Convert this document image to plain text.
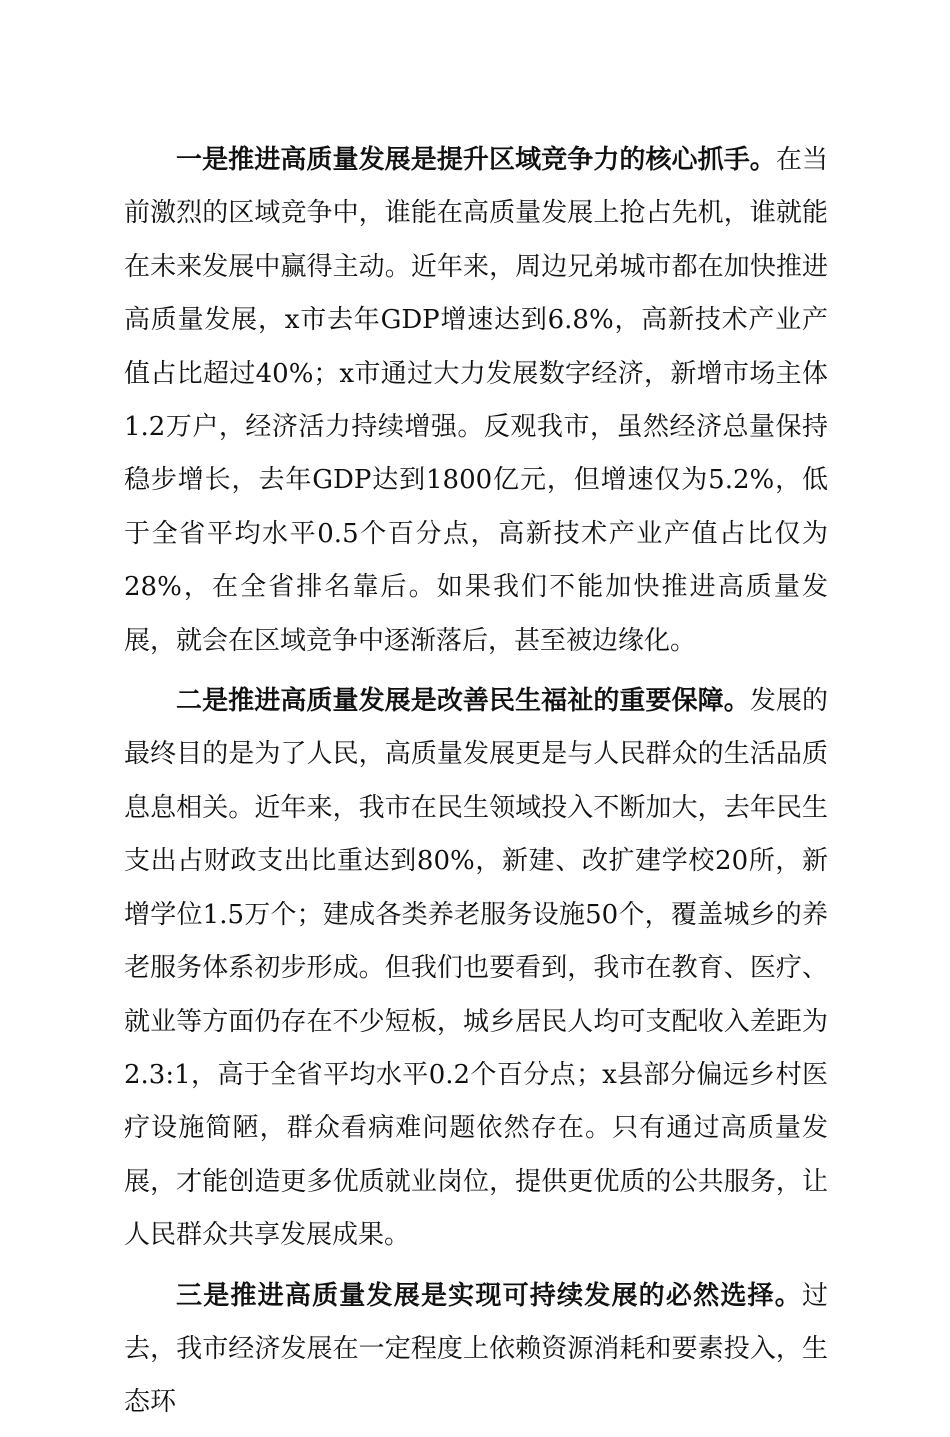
一是推进高质量发展是提升区域竞争力的核心抓手。在当前激烈的区域竞争中，谁能在高质量发展上抢占先机，谁就能在未来发展中赢得主动。近年来，周边兄弟城市都在加快推进高质量发展，x市去年GDP增速达到6.8%，高新技术产业产值占比超过40%；x市通过大力发展数字经济，新增市场主体1.2万户，经济活力持续增强。反观我市，虽然经济总量保持稳步增长，去年GDP达到1800亿元，但增速仅为5.2%，低于全省平均水平0.5个百分点，高新技术产业产值占比仅为28%，在全省排名靠后。如果我们不能加快推进高质量发展，就会在区域竞争中逐渐落后，甚至被边缘化。

二是推进高质量发展是改善民生福祉的重要保障。发展的最终目的是为了人民，高质量发展更是与人民群众的生活品质息息相关。近年来，我市在民生领域投入不断加大，去年民生支出占财政支出比重达到80%，新建、改扩建学校20所，新增学位1.5万个；建成各类养老服务设施50个，覆盖城乡的养老服务体系初步形成。但我们也要看到，我市在教育、医疗、就业等方面仍存在不少短板，城乡居民人均可支配收入差距为2.3:1，高于全省平均水平0.2个百分点；x县部分偏远乡村医疗设施简陋，群众看病难问题依然存在。只有通过高质量发展，才能创造更多优质就业岗位，提供更优质的公共服务，让人民群众共享发展成果。

三是推进高质量发展是实现可持续发展的必然选择。过去，我市经济发展在一定程度上依赖资源消耗和要素投入，生态环
